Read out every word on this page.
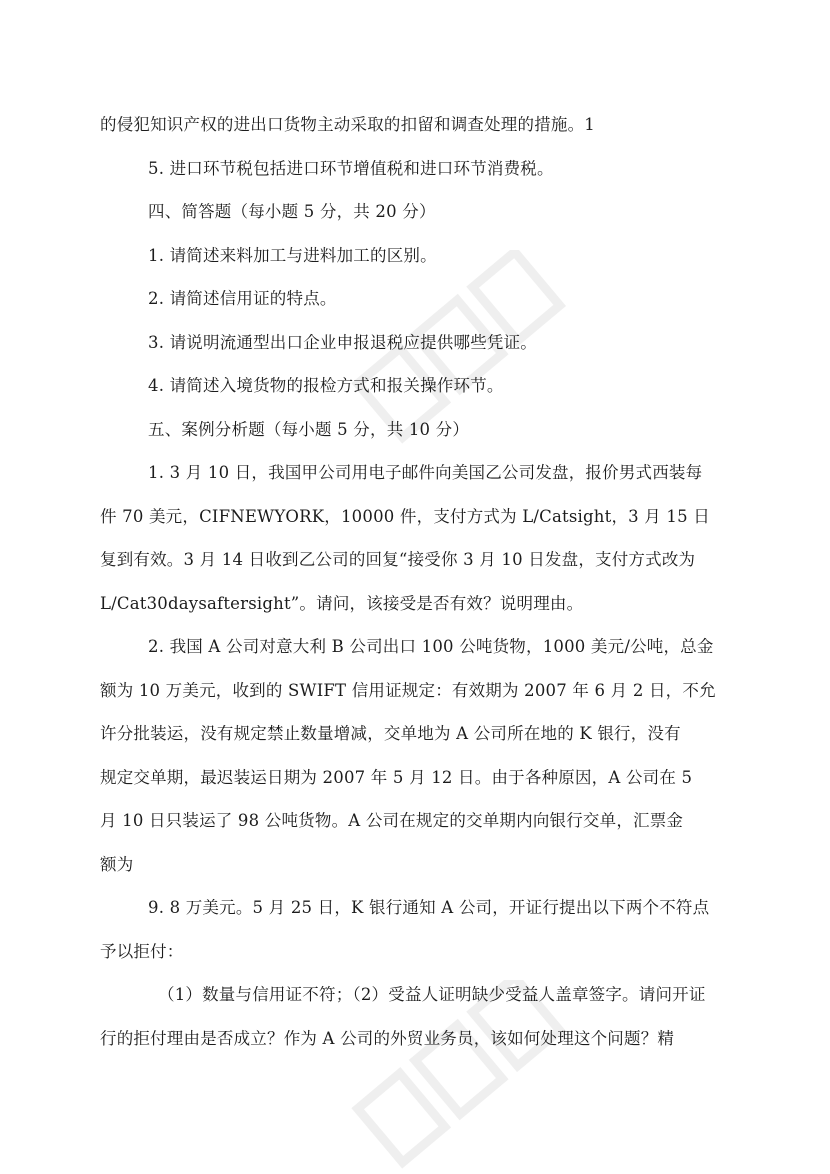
的侵犯知识产权的进出口货物主动采取的扣留和调查处理的措施。1
5. 进口环节税包括进口环节增值税和进口环节消费税。
四、简答题（每小题 5 分，共 20 分）
1. 请简述来料加工与进料加工的区别。
2. 请简述信用证的特点。
3. 请说明流通型出口企业申报退税应提供哪些凭证。
4. 请简述入境货物的报检方式和报关操作环节。
五、案例分析题（每小题 5 分，共 10 分）
1. 3 月 10 日，我国甲公司用电子邮件向美国乙公司发盘，报价男式西装每
件 70 美元，CIFNEWYORK，10000 件，支付方式为 L/Catsight，3 月 15 日
复到有效。3 月 14 日收到乙公司的回复“接受你 3 月 10 日发盘，支付方式改为
L/Cat30daysaftersight”。请问，该接受是否有效？说明理由。
2. 我国 A 公司对意大利 B 公司出口 100 公吨货物，1000 美元/公吨，总金
额为 10 万美元，收到的 SWIFT 信用证规定：有效期为 2007 年 6 月 2 日，不允
许分批装运，没有规定禁止数量增减，交单地为 A 公司所在地的 K 银行，没有
规定交单期，最迟装运日期为 2007 年 5 月 12 日。由于各种原因，A 公司在 5
月 10 日只装运了 98 公吨货物。A 公司在规定的交单期内向银行交单，汇票金
额为
9. 8 万美元。5 月 25 日，K 银行通知 A 公司，开证行提出以下两个不符点
予以拒付：
（1）数量与信用证不符；（2）受益人证明缺少受益人盖章签字。请问开证
行的拒付理由是否成立？作为 A 公司的外贸业务员，该如何处理这个问题？精
